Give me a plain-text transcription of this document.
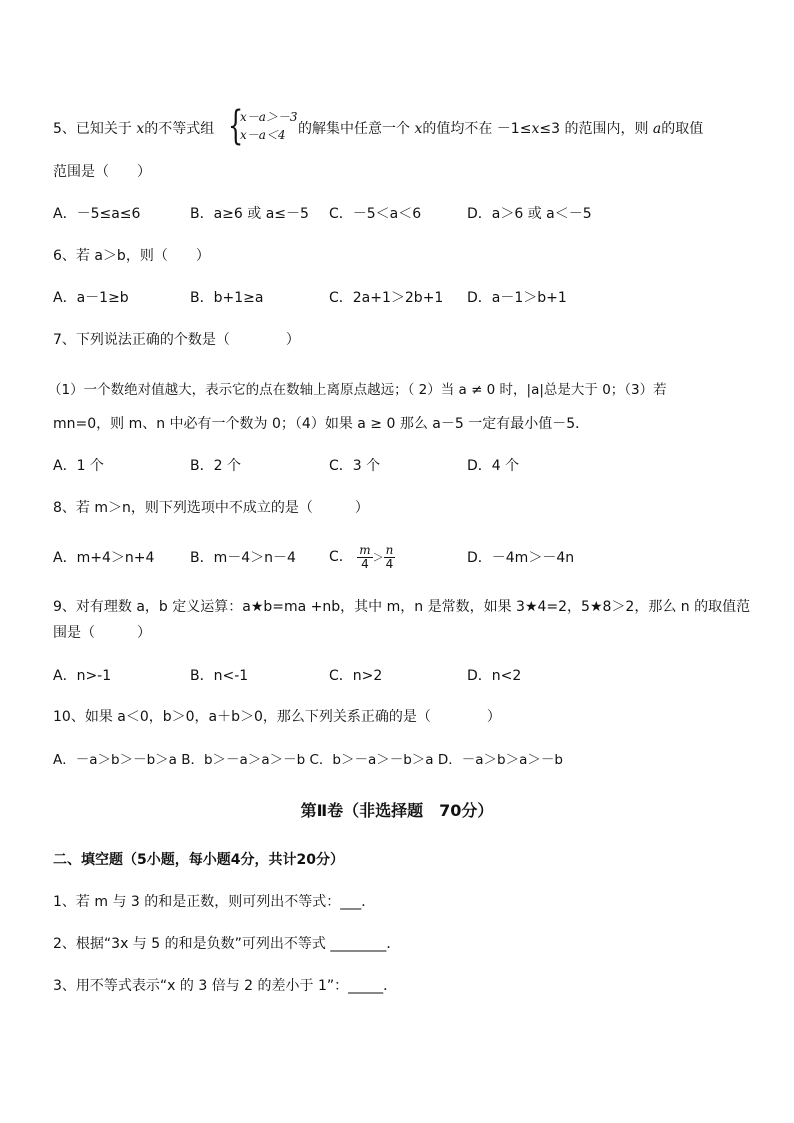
5、已知关于 x的不等式组 {
x－a＞－3
x－a＜4 的解集中任意一个 x的值均不在 －1≤x≤3 的范围内，则 a的取值
范围是（　　）
A．－5≤a≤6	B．a≥6 或 a≤－5 C．－5＜a＜6	D．a＞6 或 a＜－5
6、若 a＞b，则（　　）
A．a－1≥b	B．b+1≥a	C．2a+1＞2b+1 D．a－1＞b+1
7、下列说法正确的个数是（　　　　）
（1）一个数绝对值越大，表示它的点在数轴上离原点越远；（ 2）当 a ≠ 0 时，|a|总是大于 0；（3）若
mn=0，则 m、n 中必有一个数为 0；（4）如果 a ≥ 0 那么 a－5 一定有最小值－5．
A．1 个	B．2 个	C．3 个	D．4 个
8、若 m＞n，则下列选项中不成立的是（　　　）
A．m+4＞n+4	B．m－4＞n－4 C． $\frac{m}{4} > \frac{n}{4}$	D．－4m＞－4n
9、对有理数 a，b 定义运算：a★b=ma +nb，其中 m，n 是常数，如果 3★4=2，5★8＞2，那么 n 的取值范
围是（　　　）
A．n>-1	B．n<-1	C．n>2	D．n<2
10、如果 a＜0，b＞0，a＋b＞0，那么下列关系正确的是（　　　　）
A．－a＞b＞－b＞a B．b＞－a＞a＞－b C．b＞－a＞－b＞a D．－a＞b＞a＞－b
第Ⅱ卷（非选择题　70分）
二、填空题（5小题，每小题4分，共计20分）
1、若 m 与 3 的和是正数，则可列出不等式：___．
2、根据“3x 与 5 的和是负数”可列出不等式 ________．
3、用不等式表示“x 的 3 倍与 2 的差小于 1”：_____．
